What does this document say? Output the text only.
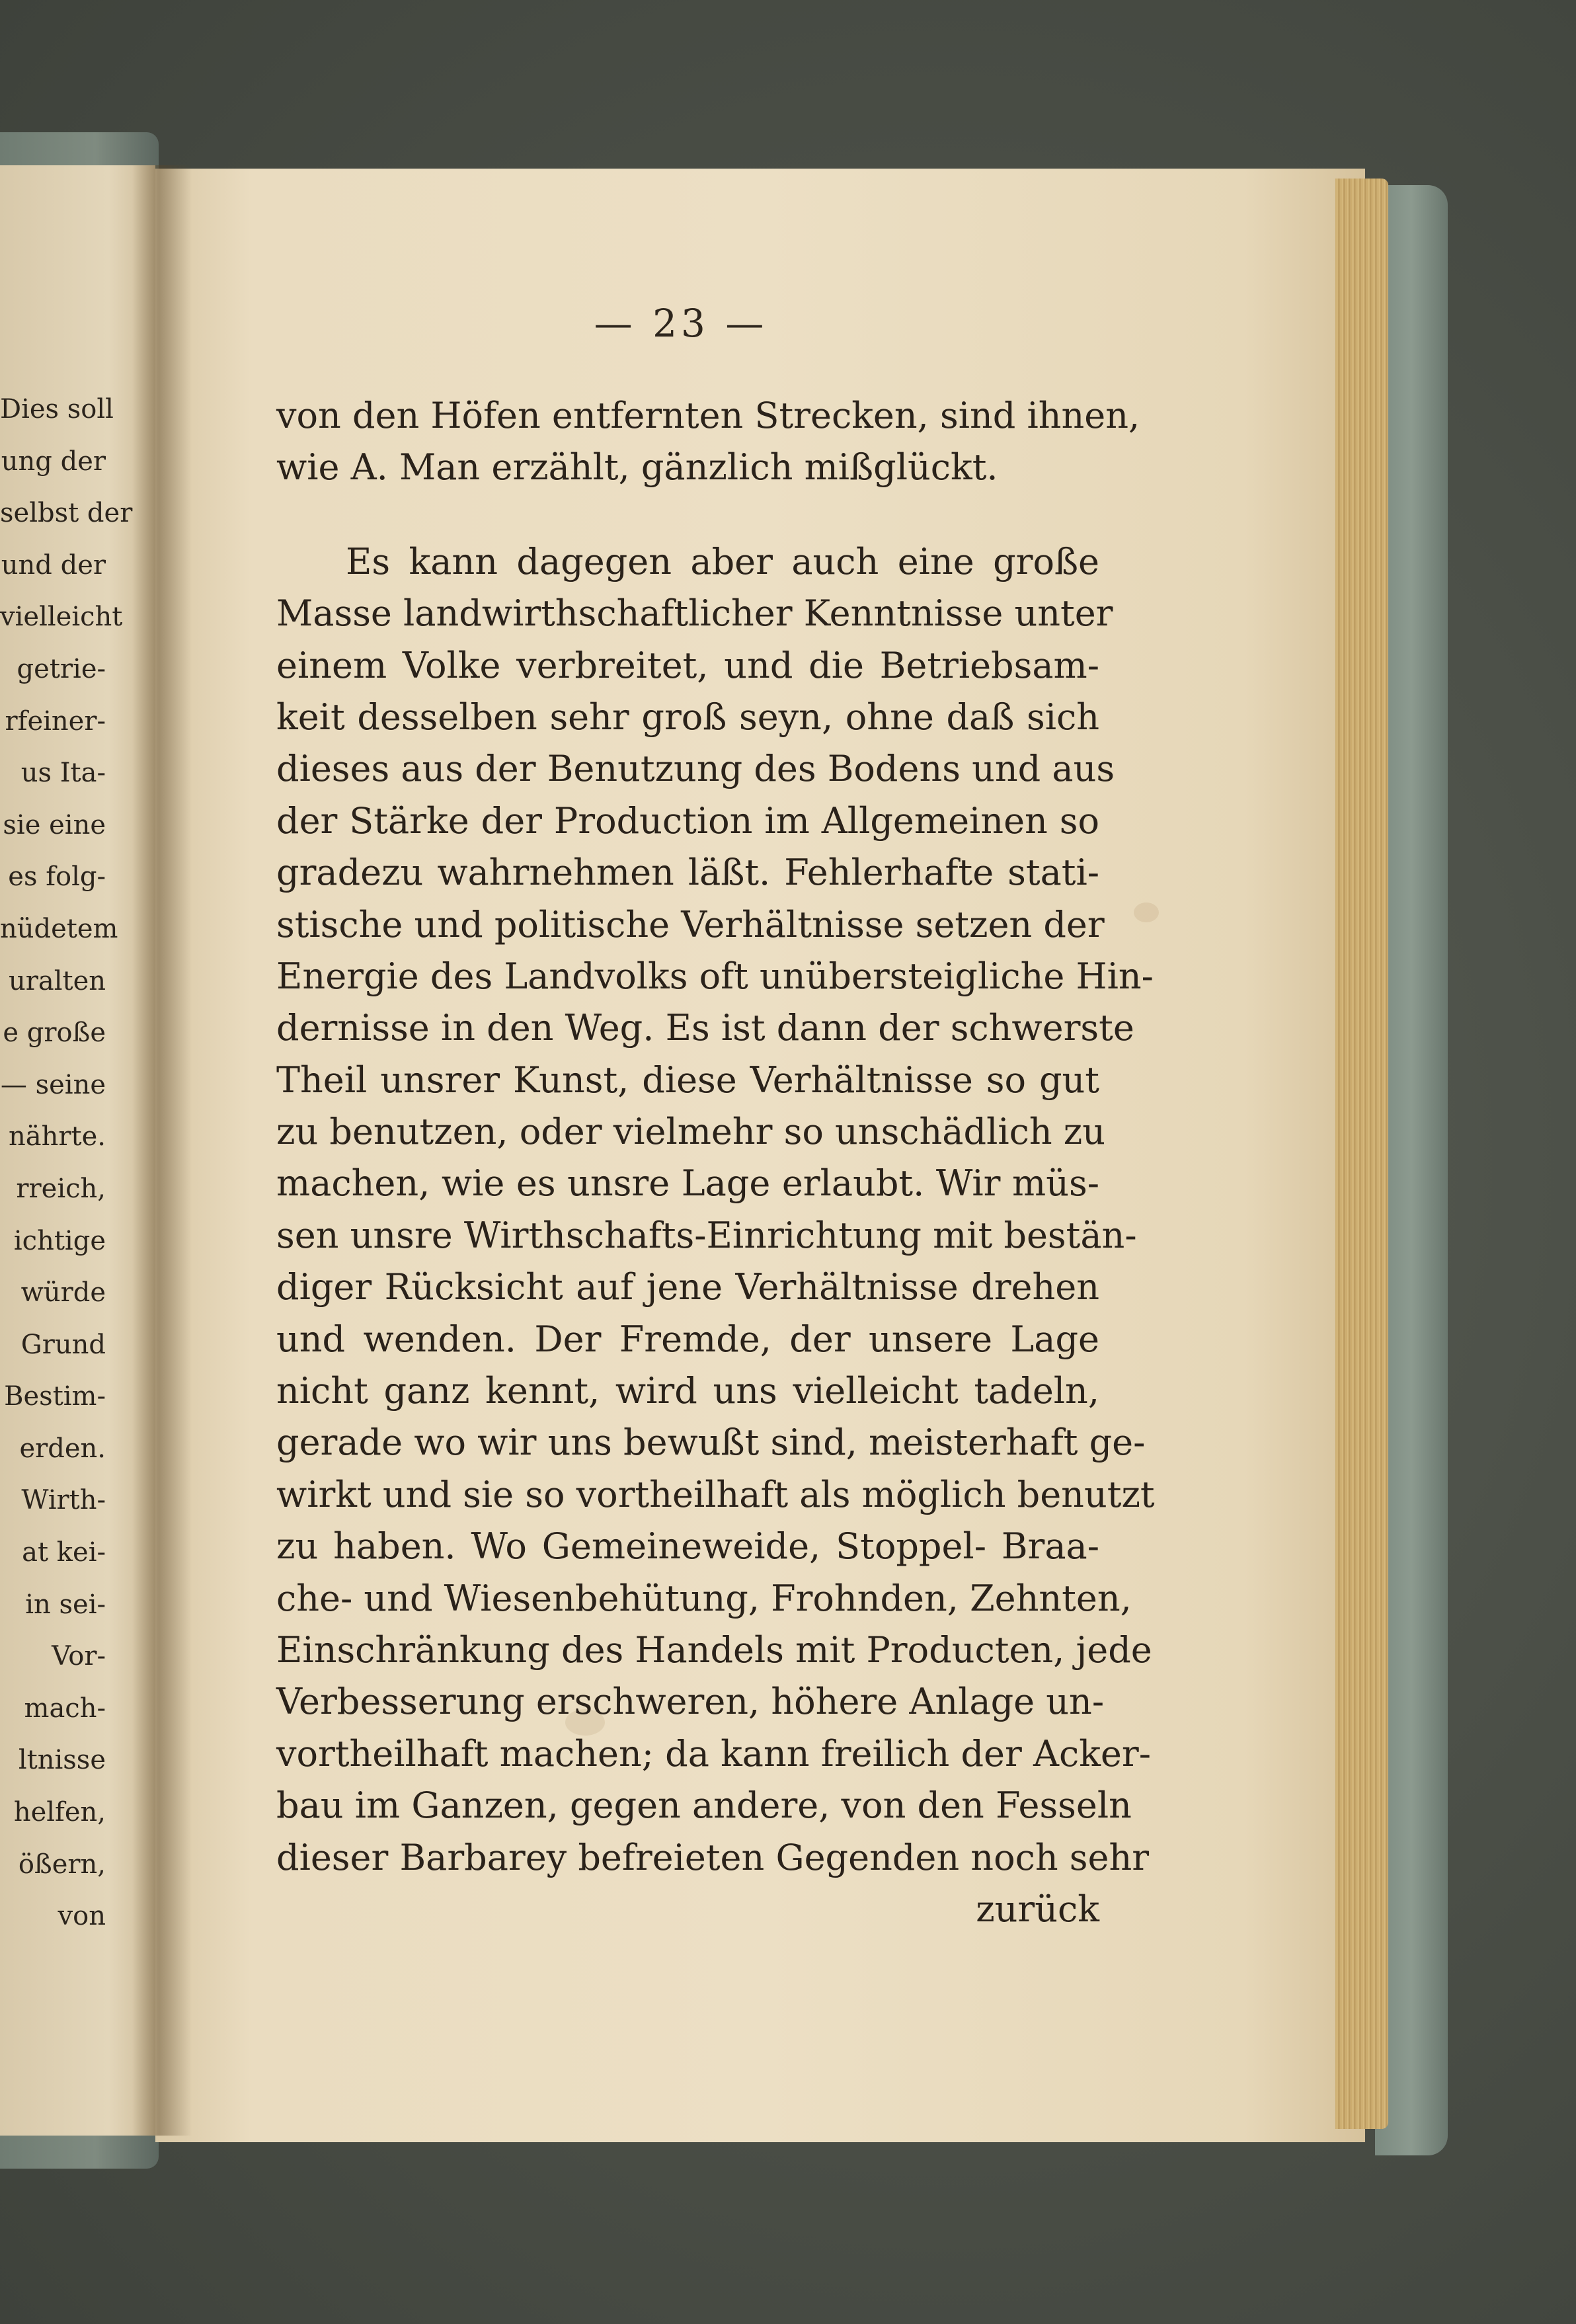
Dies soll
ung der
selbst der
und der
vielleicht
getrie-
rfeiner-
us Ita-
sie eine
es folg-
nüdetem
uralten
e große
— seine
nährte.
rreich,
ichtige
würde
Grund
Bestim-
erden.
Wirth-
at kei-
in sei-
Vor-
mach-
ltnisse
helfen,
ößern,
von
— 23 —
von den Höfen entfernten Strecken, sind ihnen,
wie A. Man erzählt, gänzlich mißglückt.
Es kann dagegen aber auch eine große
Masse landwirthschaftlicher Kenntnisse unter
einem Volke verbreitet, und die Betriebsam-
keit desselben sehr groß seyn, ohne daß sich
dieses aus der Benutzung des Bodens und aus
der Stärke der Production im Allgemeinen so
gradezu wahrnehmen läßt. Fehlerhafte stati-
stische und politische Verhältnisse setzen der
Energie des Landvolks oft unübersteigliche Hin-
dernisse in den Weg. Es ist dann der schwerste
Theil unsrer Kunst, diese Verhältnisse so gut
zu benutzen, oder vielmehr so unschädlich zu
machen, wie es unsre Lage erlaubt. Wir müs-
sen unsre Wirthschafts-Einrichtung mit bestän-
diger Rücksicht auf jene Verhältnisse drehen
und wenden. Der Fremde, der unsere Lage
nicht ganz kennt, wird uns vielleicht tadeln,
gerade wo wir uns bewußt sind, meisterhaft ge-
wirkt und sie so vortheilhaft als möglich benutzt
zu haben. Wo Gemeineweide, Stoppel- Braa-
che- und Wiesenbehütung, Frohnden, Zehnten,
Einschränkung des Handels mit Producten, jede
Verbesserung erschweren, höhere Anlage un-
vortheilhaft machen; da kann freilich der Acker-
bau im Ganzen, gegen andere, von den Fesseln
dieser Barbarey befreieten Gegenden noch sehr
zurück
